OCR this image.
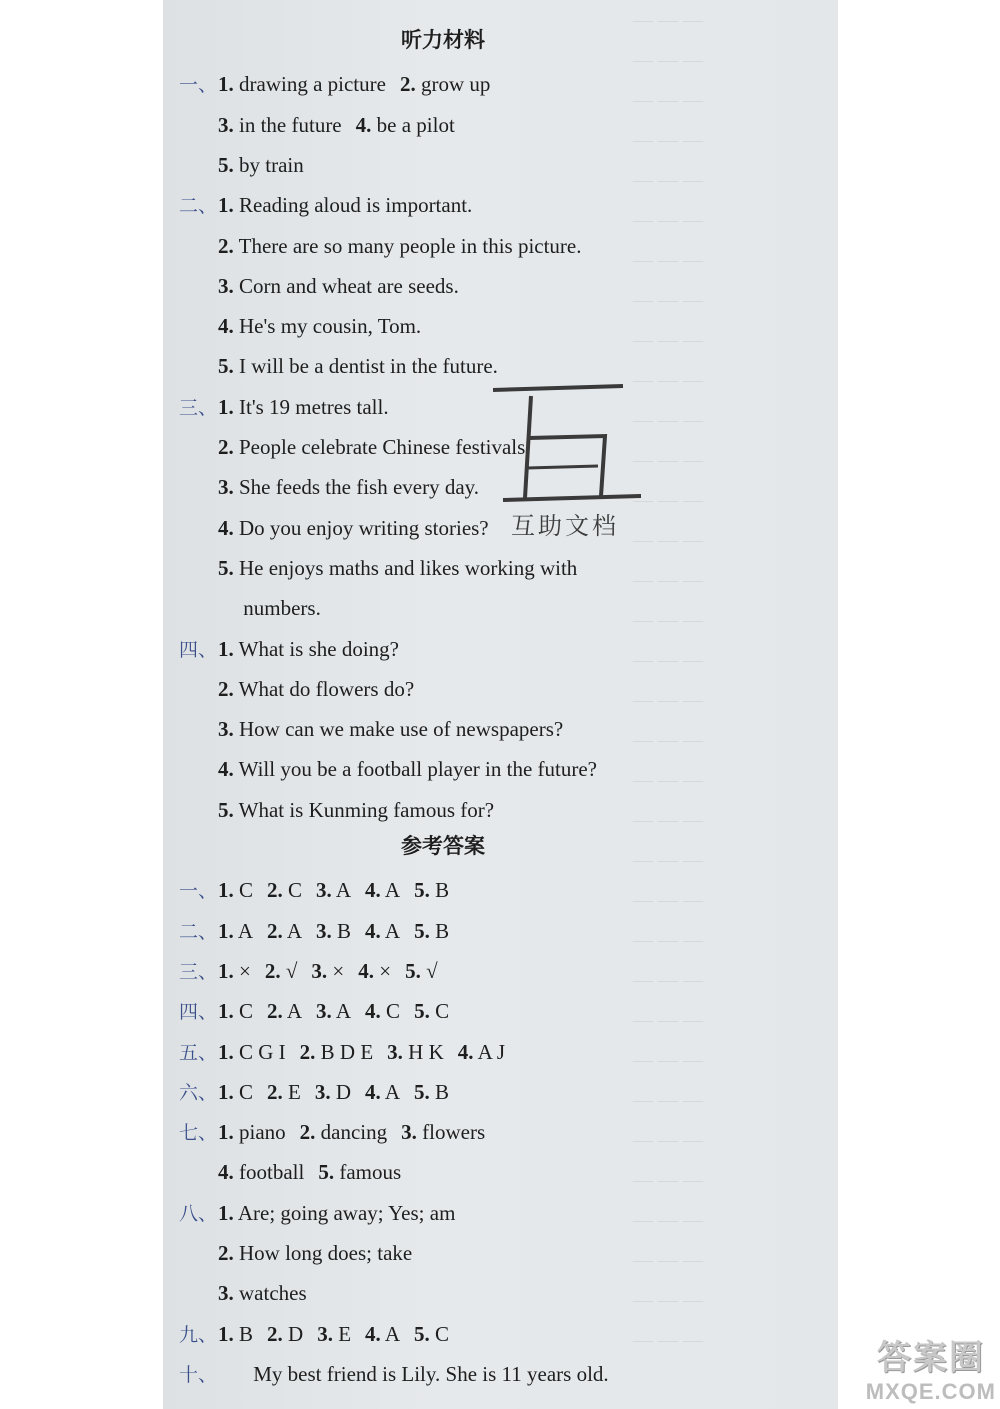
— — —
— — —
— — —
— — —
— — —
— — —
— — —
— — —
— — —
— — —
— — —
— — —
— — —
— — —
— — —
— — —
— — —
— — —
— — —
— — —
— — —
— — —
— — —
— — —
— — —
— — —
— — —
— — —
— — —
— — —
— — —
— — —
— — —
— — —
听力材料
一、1. drawing a picture 2. grow up
3. in the future 4. be a pilot
5. by train
二、1. Reading aloud is important.
2. There are so many people in this picture.
3. Corn and wheat are seeds.
4. He's my cousin, Tom.
5. I will be a dentist in the future.
三、1. It's 19 metres tall.
2. People celebrate Chinese festivals.
3. She feeds the fish every day.
4. Do you enjoy writing stories?
5. He enjoys maths and likes working with
numbers.
四、1. What is she doing?
2. What do flowers do?
3. How can we make use of newspapers?
4. Will you be a football player in the future?
5. What is Kunming famous for?
参考答案
一、1. C 2. C 3. A 4. A 5. B
二、1. A 2. A 3. B 4. A 5. B
三、1. × 2. √ 3. × 4. × 5. √
四、1. C 2. A 3. A 4. C 5. C
五、1. C G I 2. B D E 3. H K 4. A J
六、1. C 2. E 3. D 4. A 5. B
七、1. piano 2. dancing 3. flowers
4. football 5. famous
八、1. Are; going away; Yes; am
2. How long does; take
3. watches
九、1. B 2. D 3. E 4. A 5. C
十、 My best friend is Lily. She is 11 years old.
互助文档
答案圈
MXQE.COM
